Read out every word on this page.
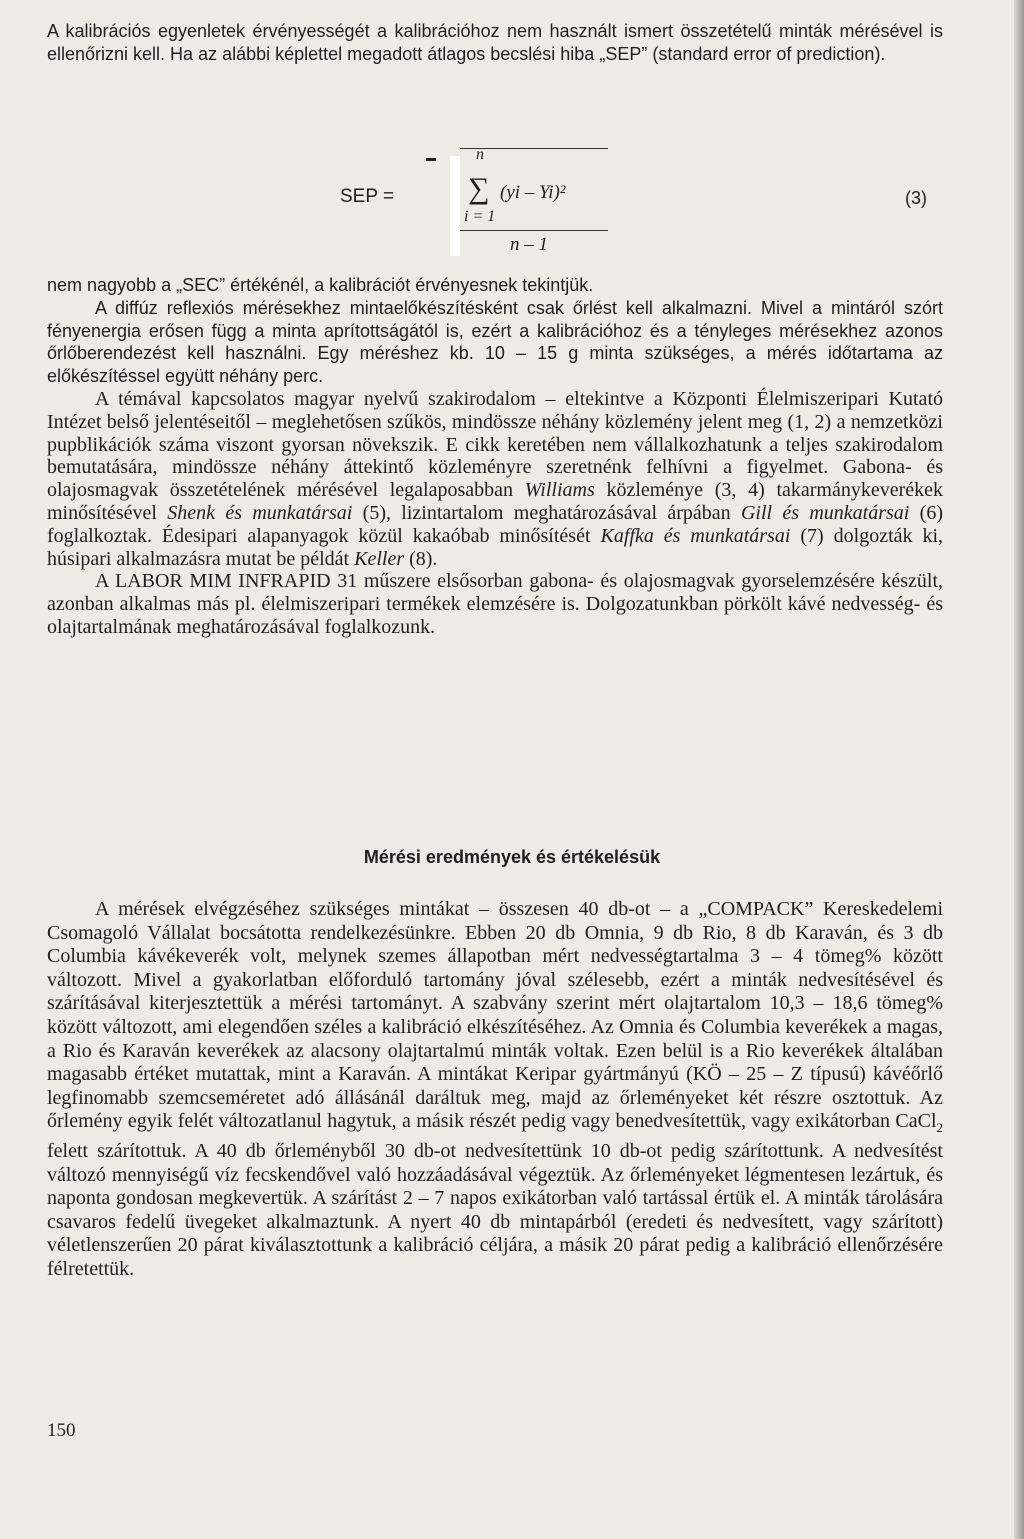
A kalibrációs egyenletek érvényességét a kalibrációhoz nem használt ismert összetételű minták mérésével is ellenőrizni kell. Ha az alábbi képlettel megadott átlagos becslési hiba „SEP” (standard error of prediction).

SEP =
n
∑ (yi – Yi)²
i = 1
n – 1
(3)

nem nagyobb a „SEC” értékénél, a kalibrációt érvényesnek tekintjük.

A diffúz reflexiós mérésekhez mintaelőkészítésként csak őrlést kell alkalmazni. Mivel a mintáról szórt fényenergia erősen függ a minta aprítottságától is, ezért a kalibrációhoz és a tényleges mérésekhez azonos őrlőberendezést kell használni. Egy méréshez kb. 10 – 15 g minta szükséges, a mérés időtartama az előkészítéssel együtt néhány perc.

A témával kapcsolatos magyar nyelvű szakirodalom – eltekintve a Központi Élelmiszeripari Kutató Intézet belső jelentéseitől – meglehetősen szűkös, mindössze néhány közlemény jelent meg (1, 2) a nemzetközi pupblikációk száma viszont gyorsan növekszik. E cikk keretében nem vállalkozhatunk a teljes szakirodalom bemutatására, mindössze néhány áttekintő közleményre szeretnénk felhívni a figyelmet. Gabona- és olajosmagvak összetételének mérésével legalaposabban Williams közleménye (3, 4) takarmánykeverékek minősítésével Shenk és munkatársai (5), lizintartalom meghatározásával árpában Gill és munkatársai (6) foglalkoztak. Édesipari alapanyagok közül kakaóbab minősítését Kaffka és munkatársai (7) dolgozták ki, húsipari alkalmazásra mutat be példát Keller (8).

A LABOR MIM INFRAPID 31 műszere elsősorban gabona- és olajosmagvak gyorselemzésére készült, azonban alkalmas más pl. élelmiszeripari termékek elemzésére is. Dolgozatunkban pörkölt kávé nedvesség- és olajtartalmának meghatározásával foglalkozunk.

Mérési eredmények és értékelésük

A mérések elvégzéséhez szükséges mintákat – összesen 40 db-ot – a „COMPACK” Kereskedelemi Csomagoló Vállalat bocsátotta rendelkezésünkre. Ebben 20 db Omnia, 9 db Rio, 8 db Karaván, és 3 db Columbia kávékeverék volt, melynek szemes állapotban mért nedvességtartalma 3 – 4 tömeg% között változott. Mivel a gyakorlatban előforduló tartomány jóval szélesebb, ezért a minták nedvesítésével és szárításával kiterjesztettük a mérési tartományt. A szabvány szerint mért olajtartalom 10,3 – 18,6 tömeg% között változott, ami elegendően széles a kalibráció elkészítéséhez. Az Omnia és Columbia keverékek a magas, a Rio és Karaván keverékek az alacsony olajtartalmú minták voltak. Ezen belül is a Rio keverékek általában magasabb értéket mutattak, mint a Karaván. A mintákat Keripar gyártmányú (KÖ – 25 – Z típusú) kávéőrlő legfinomabb szemcseméretet adó állásánál daráltuk meg, majd az őrleményeket két részre osztottuk. Az őrlemény egyik felét változatlanul hagytuk, a másik részét pedig vagy benedvesítettük, vagy exikátorban CaCl$_2$ felett szárítottuk. A 40 db őrleményből 30 db-ot nedvesítettünk 10 db-ot pedig szárítottunk. A nedvesítést változó mennyiségű víz fecskendővel való hozzáadásával végeztük. Az őrleményeket légmentesen lezártuk, és naponta gondosan megkevertük. A szárítást 2 – 7 napos exikátorban való tartással értük el. A minták tárolására csavaros fedelű üvegeket alkalmaztunk. A nyert 40 db mintapárból (eredeti és nedvesített, vagy szárított) véletlenszerűen 20 párat kiválasztottunk a kalibráció céljára, a másik 20 párat pedig a kalibráció ellenőrzésére félretettük.

150
